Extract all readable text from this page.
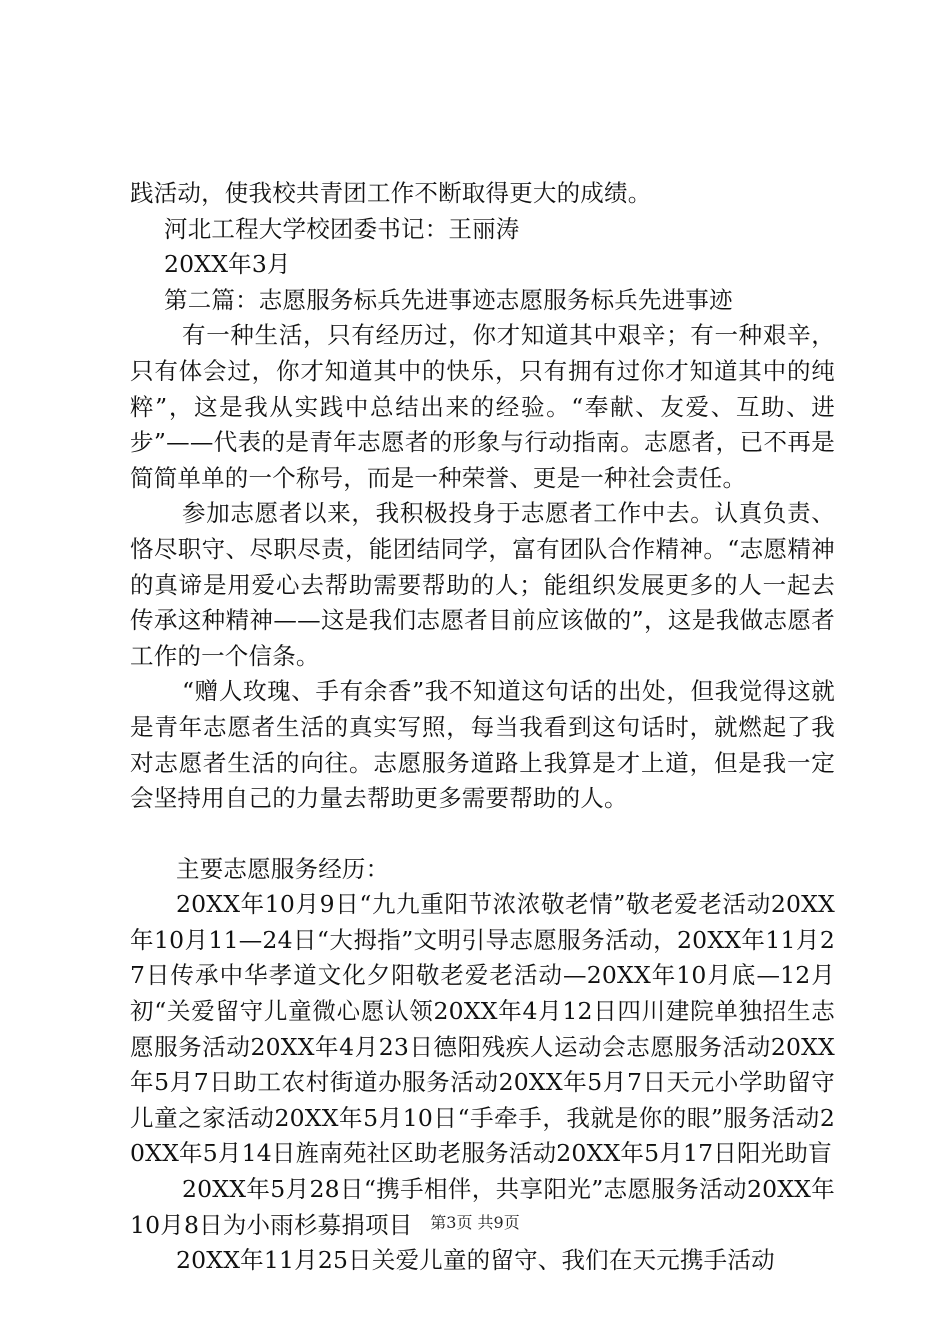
践活动，使我校共青团工作不断取得更大的成绩。

河北工程大学校团委书记：王丽涛

20XX年3月

第二篇：志愿服务标兵先进事迹志愿服务标兵先进事迹

有一种生活，只有经历过，你才知道其中艰辛；有一种艰辛，只有体会过，你才知道其中的快乐，只有拥有过你才知道其中的纯粹”，这是我从实践中总结出来的经验。“奉献、友爱、互助、进步”——代表的是青年志愿者的形象与行动指南。志愿者，已不再是简简单单的一个称号，而是一种荣誉、更是一种社会责任。

参加志愿者以来，我积极投身于志愿者工作中去。认真负责、恪尽职守、尽职尽责，能团结同学，富有团队合作精神。“志愿精神的真谛是用爱心去帮助需要帮助的人；能组织发展更多的人一起去传承这种精神——这是我们志愿者目前应该做的”，这是我做志愿者工作的一个信条。

“赠人玫瑰、手有余香”我不知道这句话的出处，但我觉得这就是青年志愿者生活的真实写照，每当我看到这句话时，就燃起了我对志愿者生活的向往。志愿服务道路上我算是才上道，但是我一定会坚持用自己的力量去帮助更多需要帮助的人。

主要志愿服务经历：

20XX年10月9日“九九重阳节浓浓敬老情”敬老爱老活动20XX年10月11—24日“大拇指”文明引导志愿服务活动，20XX年11月27日传承中华孝道文化夕阳敬老爱老活动—20XX年10月底—12月初“关爱留守儿童微心愿认领20XX年4月12日四川建院单独招生志愿服务活动20XX年4月23日德阳残疾人运动会志愿服务活动20XX年5月7日助工农村街道办服务活动20XX年5月7日天元小学助留守儿童之家活动20XX年5月10日“手牵手，我就是你的眼”服务活动20XX年5月14日旌南苑社区助老服务活动20XX年5月17日阳光助盲

20XX年5月28日“携手相伴，共享阳光”志愿服务活动20XX年10月8日为小雨杉募捐项目

20XX年11月25日关爱儿童的留守、我们在天元携手活动

第3页 共9页
